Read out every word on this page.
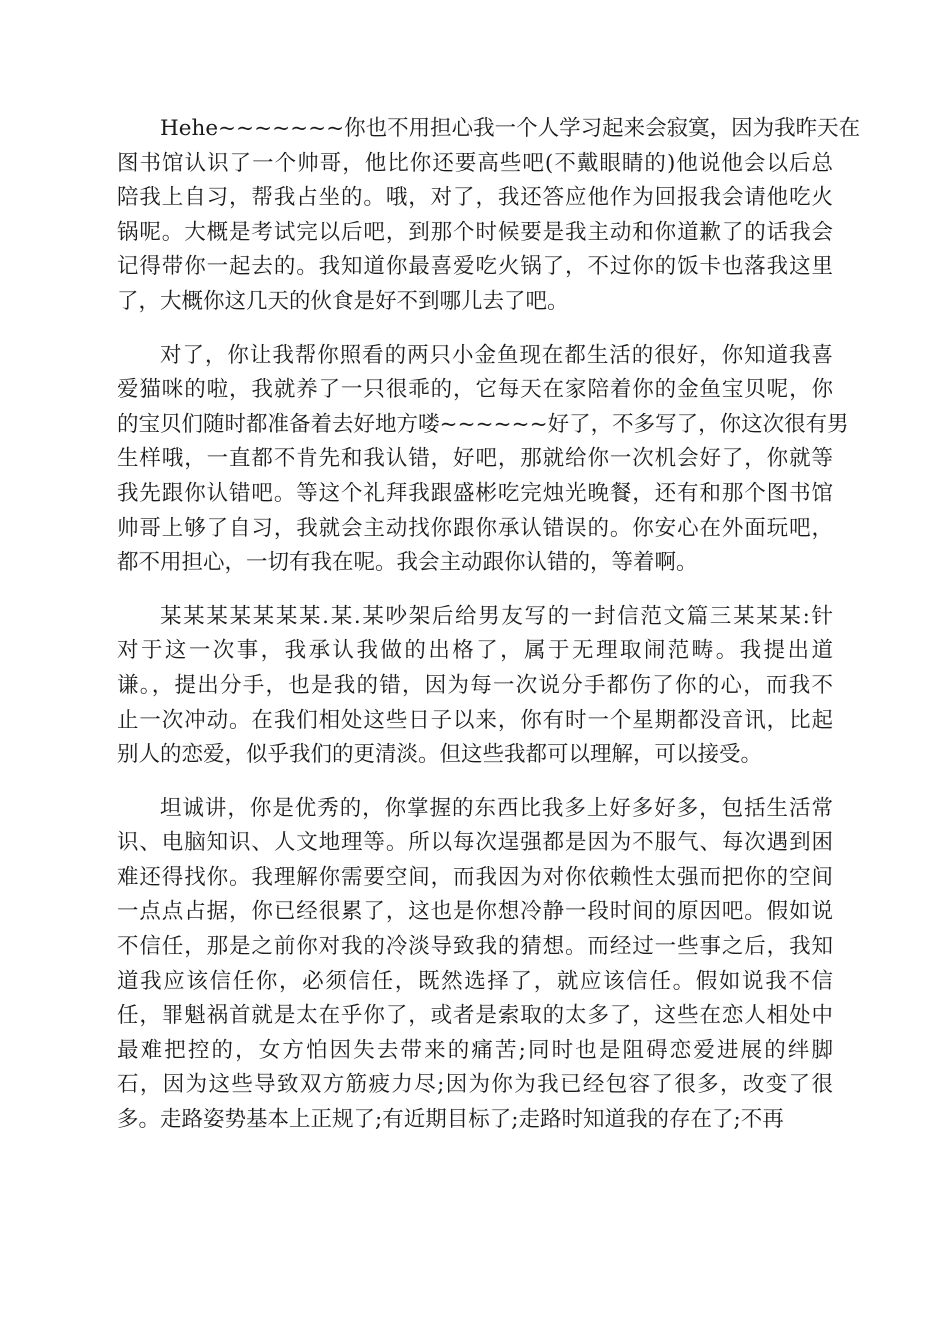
Hehe~~~~~~~你也不用担心我一个人学习起来会寂寞，因为我昨天在
图书馆认识了一个帅哥，他比你还要高些吧(不戴眼睛的)他说他会以后总
陪我上自习，帮我占坐的。哦，对了，我还答应他作为回报我会请他吃火
锅呢。大概是考试完以后吧，到那个时候要是我主动和你道歉了的话我会
记得带你一起去的。我知道你最喜爱吃火锅了，不过你的饭卡也落我这里
了，大概你这几天的伙食是好不到哪儿去了吧。
对了，你让我帮你照看的两只小金鱼现在都生活的很好，你知道我喜
爱猫咪的啦，我就养了一只很乖的，它每天在家陪着你的金鱼宝贝呢，你
的宝贝们随时都准备着去好地方喽~~~~~~好了，不多写了，你这次很有男
生样哦，一直都不肯先和我认错，好吧，那就给你一次机会好了，你就等
我先跟你认错吧。等这个礼拜我跟盛彬吃完烛光晚餐，还有和那个图书馆
帅哥上够了自习，我就会主动找你跟你承认错误的。你安心在外面玩吧，
都不用担心，一切有我在呢。我会主动跟你认错的，等着啊。
某某某某某某某.某.某吵架后给男友写的一封信范文篇三某某某:针
对于这一次事，我承认我做的出格了，属于无理取闹范畴。我提出道
谦。，提出分手，也是我的错，因为每一次说分手都伤了你的心，而我不
止一次冲动。在我们相处这些日子以来，你有时一个星期都没音讯，比起
别人的恋爱，似乎我们的更清淡。但这些我都可以理解，可以接受。
坦诚讲，你是优秀的，你掌握的东西比我多上好多好多，包括生活常
识、电脑知识、人文地理等。所以每次逞强都是因为不服气、每次遇到困
难还得找你。我理解你需要空间，而我因为对你依赖性太强而把你的空间
一点点占据，你已经很累了，这也是你想冷静一段时间的原因吧。假如说
不信任，那是之前你对我的冷淡导致我的猜想。而经过一些事之后，我知
道我应该信任你，必须信任，既然选择了，就应该信任。假如说我不信
任，罪魁祸首就是太在乎你了，或者是索取的太多了，这些在恋人相处中
最难把控的，女方怕因失去带来的痛苦;同时也是阻碍恋爱进展的绊脚
石，因为这些导致双方筋疲力尽;因为你为我已经包容了很多，改变了很
多。走路姿势基本上正规了;有近期目标了;走路时知道我的存在了;不再
